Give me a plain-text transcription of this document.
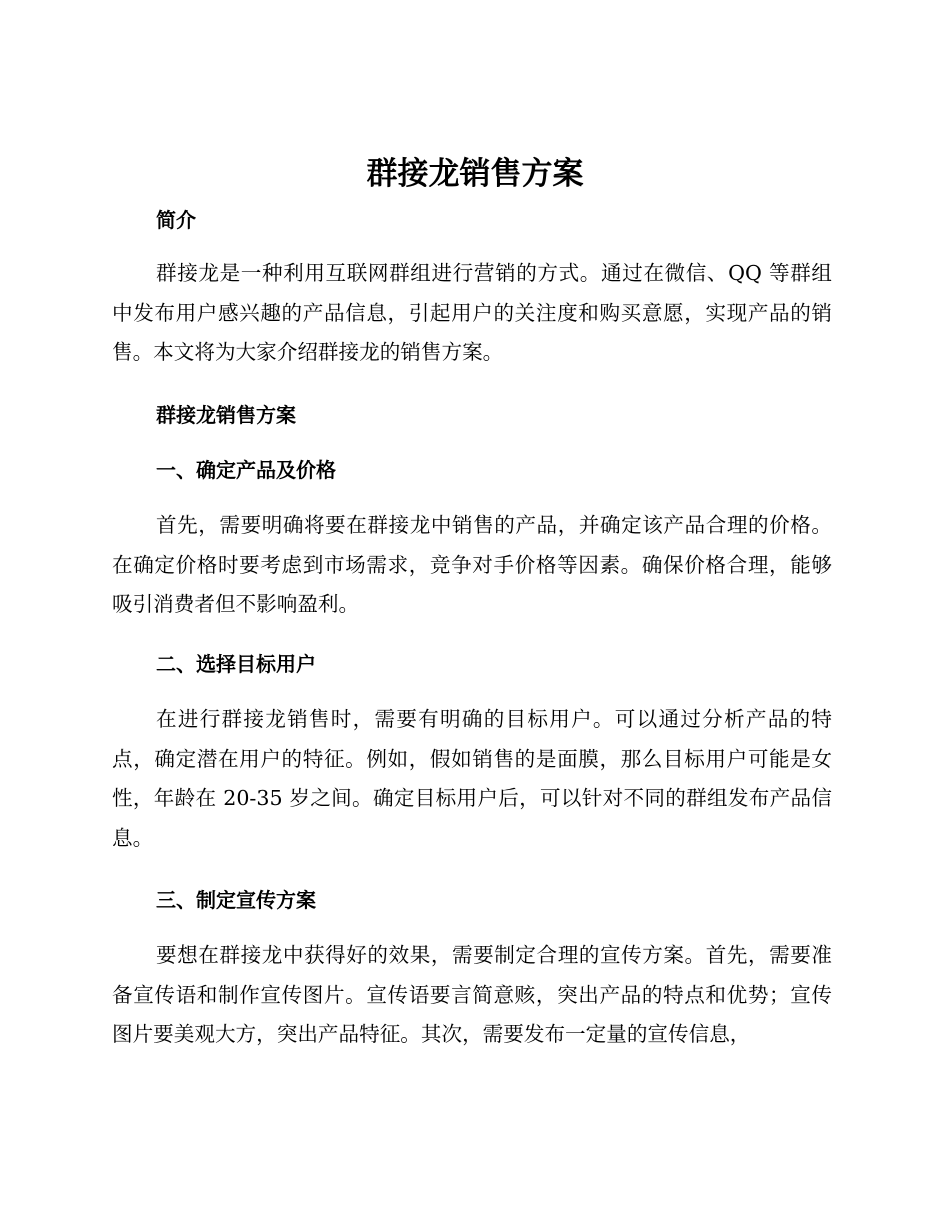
群接龙销售方案
简介

群接龙是一种利用互联网群组进行营销的方式。通过在微信、QQ 等群组中发布用户感兴趣的产品信息，引起用户的关注度和购买意愿，实现产品的销售。本文将为大家介绍群接龙的销售方案。

群接龙销售方案
一、确定产品及价格

首先，需要明确将要在群接龙中销售的产品，并确定该产品合理的价格。在确定价格时要考虑到市场需求，竞争对手价格等因素。确保价格合理，能够吸引消费者但不影响盈利。

二、选择目标用户

在进行群接龙销售时，需要有明确的目标用户。可以通过分析产品的特点，确定潜在用户的特征。例如，假如销售的是面膜，那么目标用户可能是女性，年龄在 20-35 岁之间。确定目标用户后，可以针对不同的群组发布产品信息。

三、制定宣传方案

要想在群接龙中获得好的效果，需要制定合理的宣传方案。首先，需要准备宣传语和制作宣传图片。宣传语要言简意赅，突出产品的特点和优势；宣传图片要美观大方，突出产品特征。其次，需要发布一定量的宣传信息，
